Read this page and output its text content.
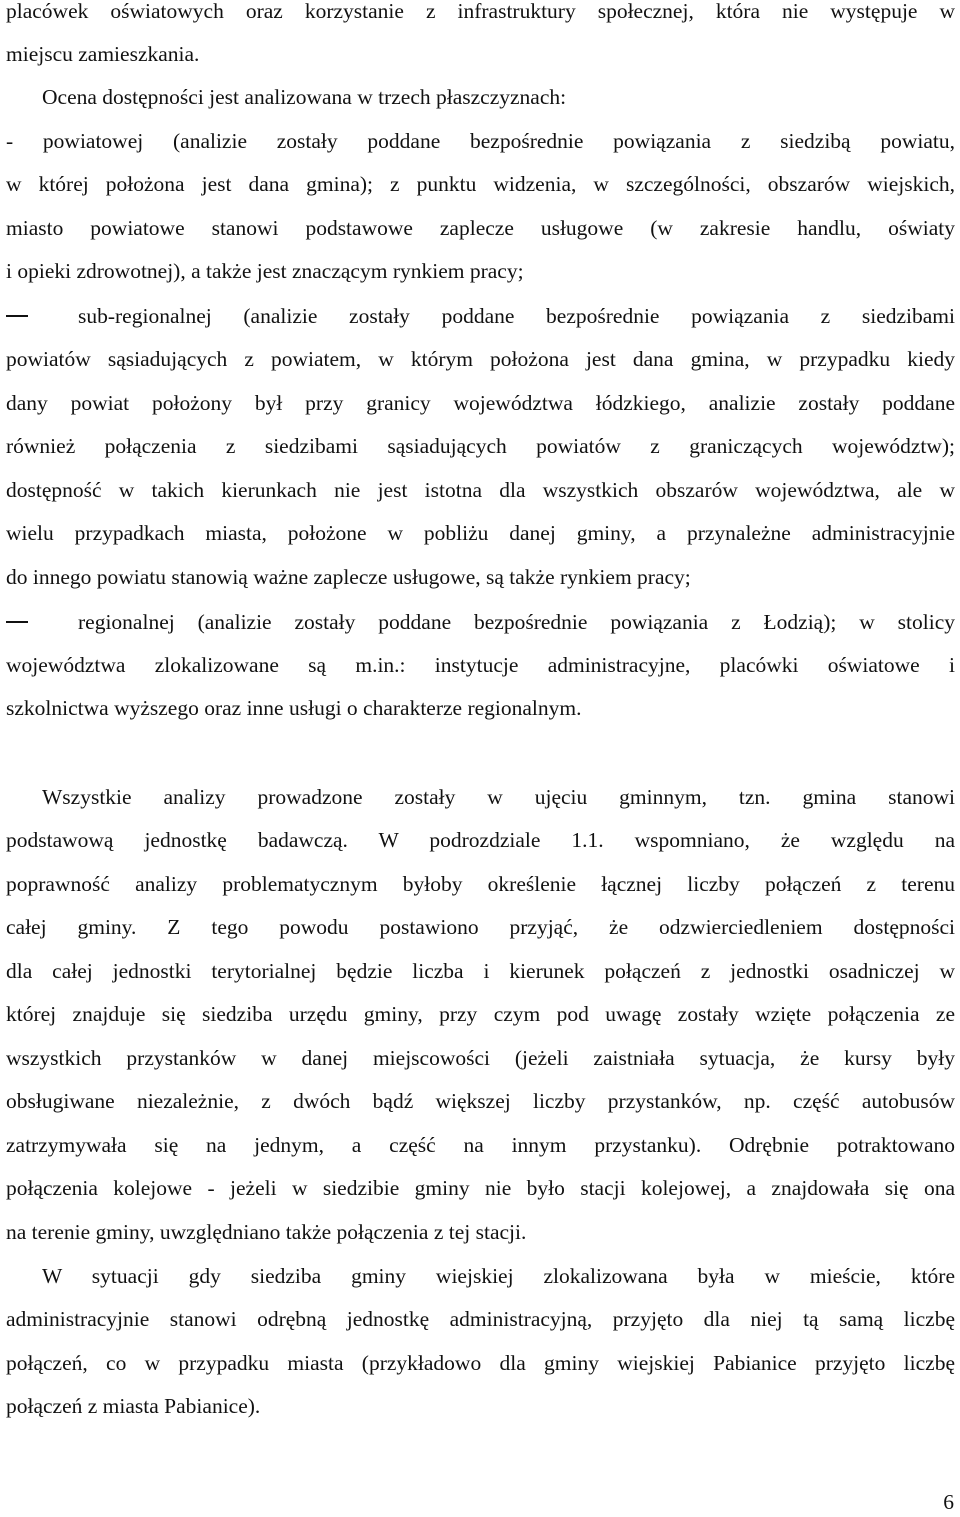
placówek oświatowych oraz korzystanie z infrastruktury społecznej, która nie występuje w
miejscu zamieszkania.
Ocena dostępności jest analizowana w trzech płaszczyznach:
- powiatowej (analizie zostały poddane bezpośrednie powiązania z siedzibą powiatu,
w której położona jest dana gmina); z punktu widzenia, w szczególności, obszarów wiejskich,
miasto powiatowe stanowi podstawowe zaplecze usługowe (w zakresie handlu, oświaty
i opieki zdrowotnej), a także jest znaczącym rynkiem pracy;
sub-regionalnej (analizie zostały poddane bezpośrednie powiązania z siedzibami
powiatów sąsiadujących z powiatem, w którym położona jest dana gmina, w przypadku kiedy
dany powiat położony był przy granicy województwa łódzkiego, analizie zostały poddane
również połączenia z siedzibami sąsiadujących powiatów z graniczących województw);
dostępność w takich kierunkach nie jest istotna dla wszystkich obszarów województwa, ale w
wielu przypadkach miasta, położone w pobliżu danej gminy, a przynależne administracyjnie
do innego powiatu stanowią ważne zaplecze usługowe, są także rynkiem pracy;
regionalnej (analizie zostały poddane bezpośrednie powiązania z Łodzią); w stolicy
województwa zlokalizowane są m.in.: instytucje administracyjne, placówki oświatowe i
szkolnictwa wyższego oraz inne usługi o charakterze regionalnym.
Wszystkie analizy prowadzone zostały w ujęciu gminnym, tzn. gmina stanowi
podstawową jednostkę badawczą. W podrozdziale 1.1. wspomniano, że względu na
poprawność analizy problematycznym byłoby określenie łącznej liczby połączeń z terenu
całej gminy. Z tego powodu postawiono przyjąć, że odzwierciedleniem dostępności
dla całej jednostki terytorialnej będzie liczba i kierunek połączeń z jednostki osadniczej w
której znajduje się siedziba urzędu gminy, przy czym pod uwagę zostały wzięte połączenia ze
wszystkich przystanków w danej miejscowości (jeżeli zaistniała sytuacja, że kursy były
obsługiwane niezależnie, z dwóch bądź większej liczby przystanków, np. część autobusów
zatrzymywała się na jednym, a część na innym przystanku). Odrębnie potraktowano
połączenia kolejowe - jeżeli w siedzibie gminy nie było stacji kolejowej, a znajdowała się ona
na terenie gminy, uwzględniano także połączenia z tej stacji.
W sytuacji gdy siedziba gminy wiejskiej zlokalizowana była w mieście, które
administracyjnie stanowi odrębną jednostkę administracyjną, przyjęto dla niej tą samą liczbę
połączeń, co w przypadku miasta (przykładowo dla gminy wiejskiej Pabianice przyjęto liczbę
połączeń z miasta Pabianice).
6
